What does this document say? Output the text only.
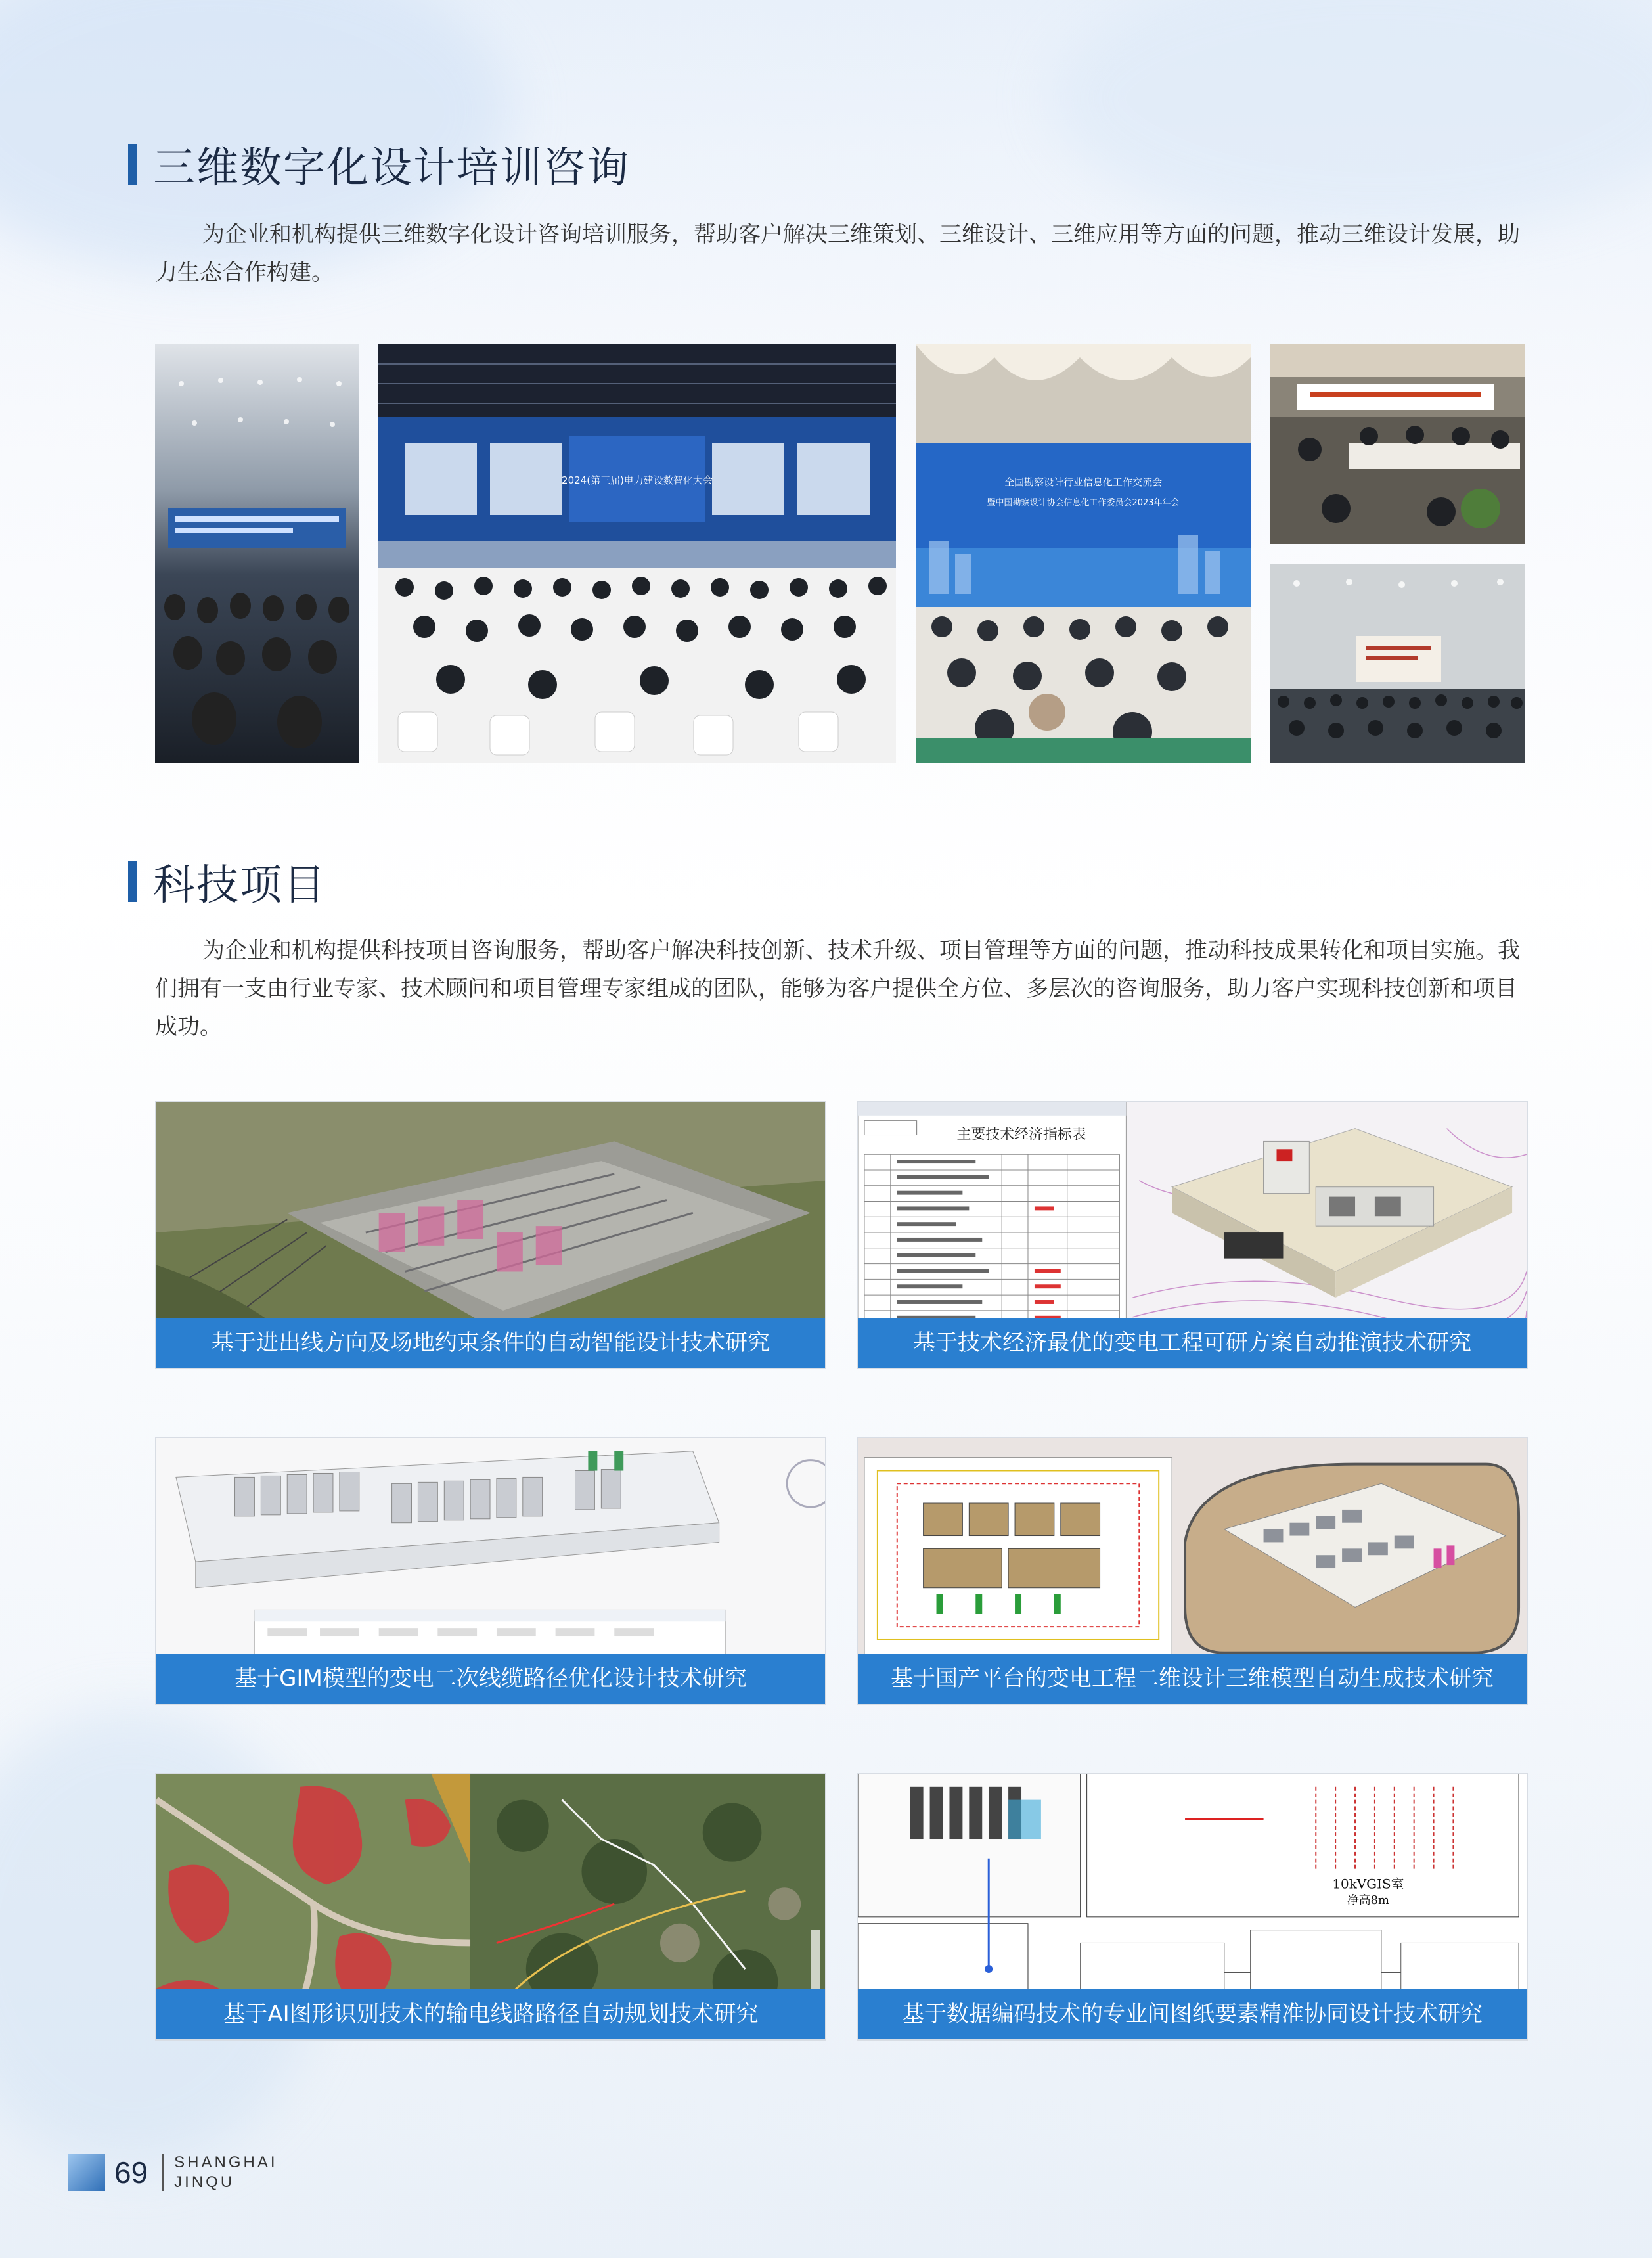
三维数字化设计培训咨询
为企业和机构提供三维数字化设计咨询培训服务，帮助客户解决三维策划、三维设计、三维应用等方面的问题，推动三维设计发展，助力生态合作构建。
2024(第三届)电力建设数智化大会	全国勘察设计行业信息化工作交流会
暨中国勘察设计协会信息化工作委员会2023年年会
科技项目
为企业和机构提供科技项目咨询服务，帮助客户解决科技创新、技术升级、项目管理等方面的问题，推动科技成果转化和项目实施。我们拥有一支由行业专家、技术顾问和项目管理专家组成的团队，能够为客户提供全方位、多层次的咨询服务，助力客户实现科技创新和项目成功。
基于进出线方向及场地约束条件的自动智能设计技术研究
主要技术经济指标表
基于技术经济最优的变电工程可研方案自动推演技术研究
基于GIM模型的变电二次线缆路径优化设计技术研究	基于国产平台的变电工程二维设计三维模型自动生成技术研究
基于AI图形识别技术的输电线路路径自动规划技术研究
10kVGIS室
净高8m
基于数据编码技术的专业间图纸要素精准协同设计技术研究
69 SHANGHAI
JINQU
